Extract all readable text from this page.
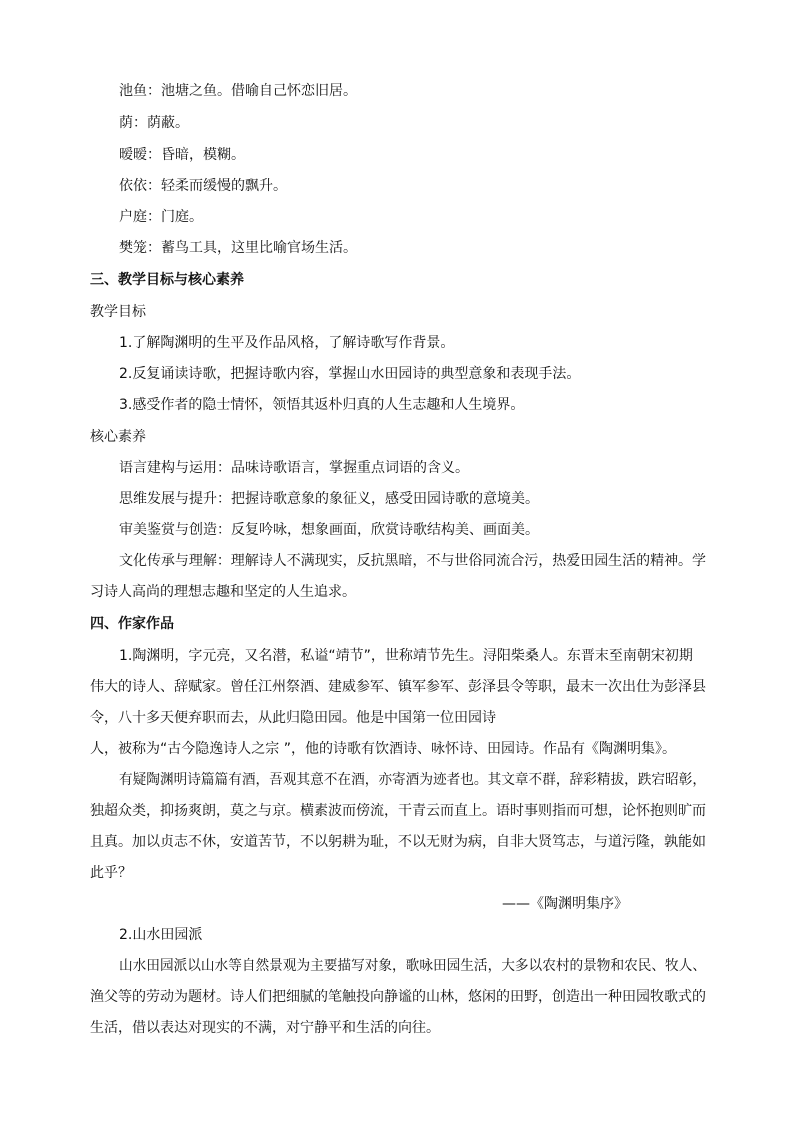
池鱼：池塘之鱼。借喻自己怀恋旧居。
荫：荫蔽。
暧暧：昏暗，模糊。
依依：轻柔而缓慢的飘升。
户庭：门庭。
樊笼：蓄鸟工具，这里比喻官场生活。
三、教学目标与核心素养
教学目标
1.了解陶渊明的生平及作品风格，了解诗歌写作背景。
2.反复诵读诗歌，把握诗歌内容，掌握山水田园诗的典型意象和表现手法。
3.感受作者的隐士情怀，领悟其返朴归真的人生志趣和人生境界。
核心素养
语言建构与运用：品味诗歌语言，掌握重点词语的含义。
思维发展与提升：把握诗歌意象的象征义，感受田园诗歌的意境美。
审美鉴赏与创造：反复吟咏，想象画面，欣赏诗歌结构美、画面美。
文化传承与理解：理解诗人不满现实，反抗黑暗，不与世俗同流合污，热爱田园生活的精神。学
习诗人高尚的理想志趣和坚定的人生追求。
四、作家作品
1.陶渊明，字元亮，又名潜，私谥“靖节”，世称靖节先生。浔阳柴桑人。东晋末至南朝宋初期
伟大的诗人、辞赋家。曾任江州祭酒、建威参军、镇军参军、彭泽县令等职，最末一次出仕为彭泽县
令，八十多天便弃职而去，从此归隐田园。他是中国第一位田园诗
人，被称为“古今隐逸诗人之宗 ”，他的诗歌有饮酒诗、咏怀诗、田园诗。作品有《陶渊明集》。
有疑陶渊明诗篇篇有酒，吾观其意不在酒，亦寄酒为迹者也。其文章不群，辞彩精拔，跌宕昭彰，
独超众类，抑扬爽朗，莫之与京。横素波而傍流，干青云而直上。语时事则指而可想，论怀抱则旷而
且真。加以贞志不休，安道苦节，不以躬耕为耻，不以无财为病，自非大贤笃志，与道污隆，孰能如
此乎？
——《陶渊明集序》
2.山水田园派
山水田园派以山水等自然景观为主要描写对象，歌咏田园生活，大多以农村的景物和农民、牧人、
渔父等的劳动为题材。诗人们把细腻的笔触投向静谧的山林，悠闲的田野，创造出一种田园牧歌式的
生活，借以表达对现实的不满，对宁静平和生活的向往。
